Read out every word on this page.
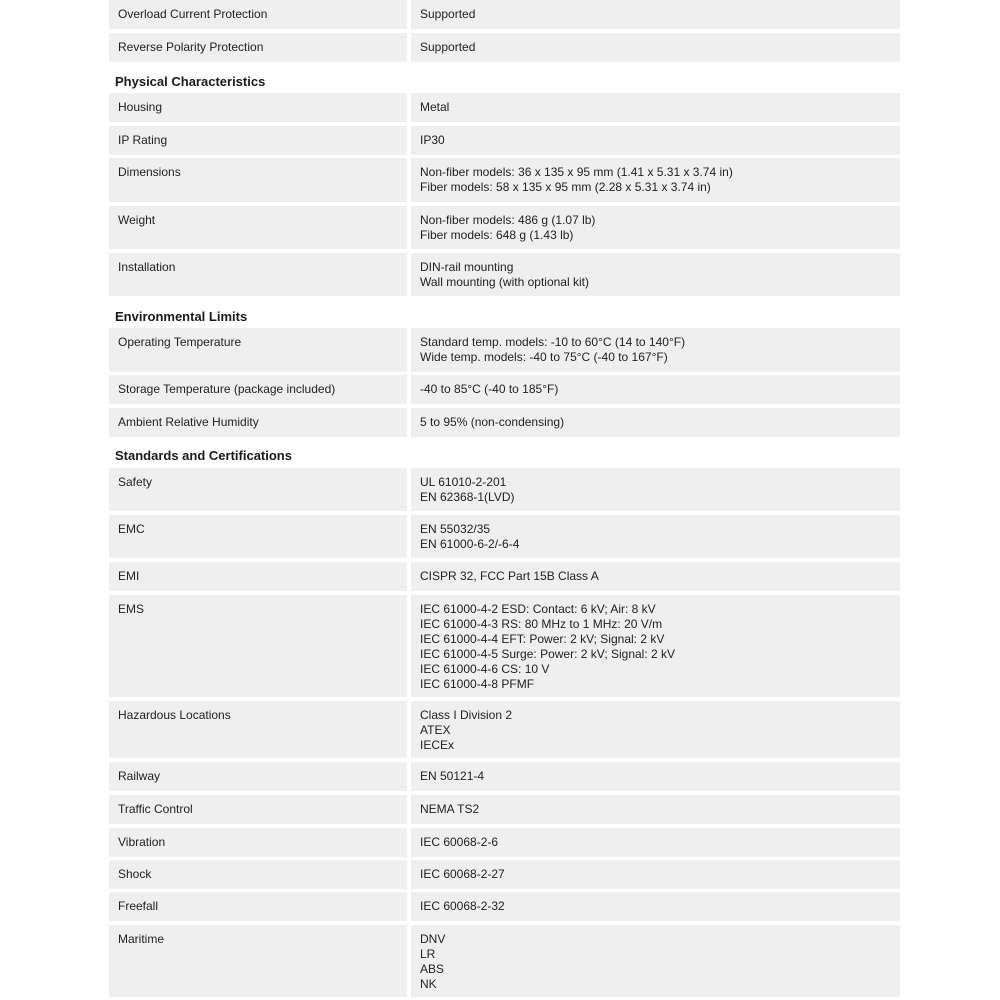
Overload Current Protection	Supported
Reverse Polarity Protection	Supported
Physical Characteristics
Housing	Metal
IP Rating	IP30
Dimensions	Non-fiber models: 36 x 135 x 95 mm (1.41 x 5.31 x 3.74 in)
Fiber models: 58 x 135 x 95 mm (2.28 x 5.31 x 3.74 in)
Weight	Non-fiber models: 486 g (1.07 lb)
Fiber models: 648 g (1.43 lb)
Installation	DIN-rail mounting
Wall mounting (with optional kit)
Environmental Limits
Operating Temperature	Standard temp. models: -10 to 60°C (14 to 140°F)
Wide temp. models: -40 to 75°C (-40 to 167°F)
Storage Temperature (package included)	-40 to 85°C (-40 to 185°F)
Ambient Relative Humidity	5 to 95% (non-condensing)
Standards and Certifications
Safety	UL 61010-2-201
EN 62368-1(LVD)
EMC	EN 55032/35
EN 61000-6-2/-6-4
EMI	CISPR 32, FCC Part 15B Class A
EMS	IEC 61000-4-2 ESD: Contact: 6 kV; Air: 8 kV
IEC 61000-4-3 RS: 80 MHz to 1 MHz: 20 V/m
IEC 61000-4-4 EFT: Power: 2 kV; Signal: 2 kV
IEC 61000-4-5 Surge: Power: 2 kV; Signal: 2 kV
IEC 61000-4-6 CS: 10 V
IEC 61000-4-8 PFMF
Hazardous Locations	Class I Division 2
ATEX
IECEx
Railway	EN 50121-4
Traffic Control	NEMA TS2
Vibration	IEC 60068-2-6
Shock	IEC 60068-2-27
Freefall	IEC 60068-2-32
Maritime	DNV
LR
ABS
NK
